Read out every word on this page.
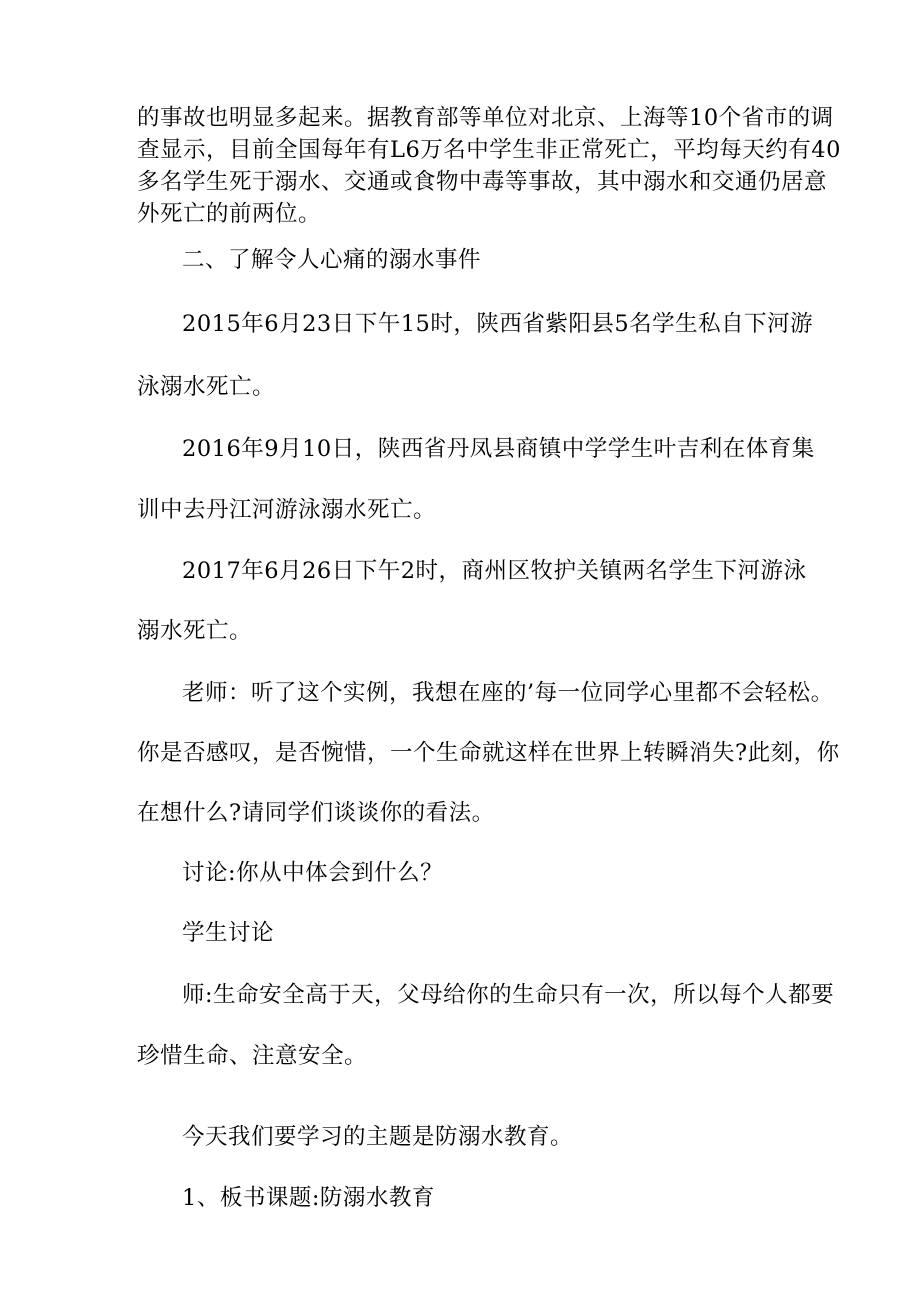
的事故也明显多起来。据教育部等单位对北京、上海等10个省市的调
查显示，目前全国每年有L6万名中学生非正常死亡，平均每天约有40
多名学生死于溺水、交通或食物中毒等事故，其中溺水和交通仍居意
外死亡的前两位。
二、了解令人心痛的溺水事件
2015年6月23日下午15时，陕西省紫阳县5名学生私自下河游
泳溺水死亡。
2016年9月10日，陕西省丹凤县商镇中学学生叶吉利在体育集
训中去丹江河游泳溺水死亡。
2017年6月26日下午2时，商州区牧护关镇两名学生下河游泳
溺水死亡。
老师：听了这个实例，我想在座的’每一位同学心里都不会轻松。
你是否感叹，是否惋惜，一个生命就这样在世界上转瞬消失?此刻，你
在想什么?请同学们谈谈你的看法。
讨论:你从中体会到什么？
学生讨论
师:生命安全高于天，父母给你的生命只有一次，所以每个人都要
珍惜生命、注意安全。
今天我们要学习的主题是防溺水教育。
1、板书课题:防溺水教育
